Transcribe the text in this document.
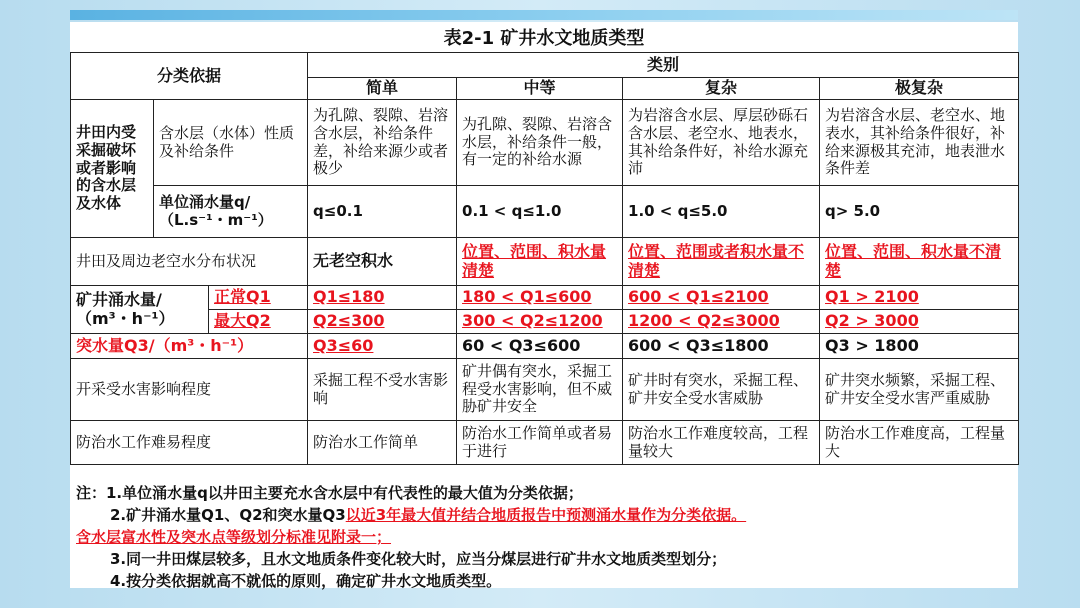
表2-1 矿井水文地质类型
分类依据			类别			
			简单	中等	复杂	极复杂
井田内受采掘破坏或者影响的含水层及水体	含水层（水体）性质及补给条件		为孔隙、裂隙、岩溶含水层，补给条件差，补给来源少或者极少	为孔隙、裂隙、岩溶含水层，补给条件一般，有一定的补给水源	为岩溶含水层、厚层砂砾石含水层、老空水、地表水，其补给条件好，补给水源充沛	为岩溶含水层、老空水、地表水，其补给条件很好，补给来源极其充沛，地表泄水条件差
	单位涌水量q/（L.s⁻¹・m⁻¹）		q≤0.1	0.1 < q≤1.0	1.0 < q≤5.0	q> 5.0
井田及周边老空水分布状况			无老空积水	位置、范围、积水量清楚	位置、范围或者积水量不清楚	位置、范围、积水量不清楚
矿井涌水量/（m³・h⁻¹）		正常Q1	Q1≤180	180 < Q1≤600	600 < Q1≤2100	Q1 > 2100
		最大Q2	Q2≤300	300 < Q2≤1200	1200 < Q2≤3000	Q2 > 3000
突水量Q3/（m³・h⁻¹）			Q3≤60	60 < Q3≤600	600 < Q3≤1800	Q3 > 1800
开采受水害影响程度			采掘工程不受水害影响	矿井偶有突水，采掘工程受水害影响，但不威胁矿井安全	矿井时有突水，采掘工程、矿井安全受水害威胁	矿井突水频繁，采掘工程、矿井安全受水害严重威胁
防治水工作难易程度			防治水工作简单	防治水工作简单或者易于进行	防治水工作难度较高，工程量较大	防治水工作难度高，工程量大
注：1.单位涌水量q以井田主要充水含水层中有代表性的最大值为分类依据；
2.矿井涌水量Q1、Q2和突水量Q3以近3年最大值并结合地质报告中预测涌水量作为分类依据。
含水层富水性及突水点等级划分标准见附录一；
3.同一井田煤层较多，且水文地质条件变化较大时，应当分煤层进行矿井水文地质类型划分；
4.按分类依据就高不就低的原则，确定矿井水文地质类型。
